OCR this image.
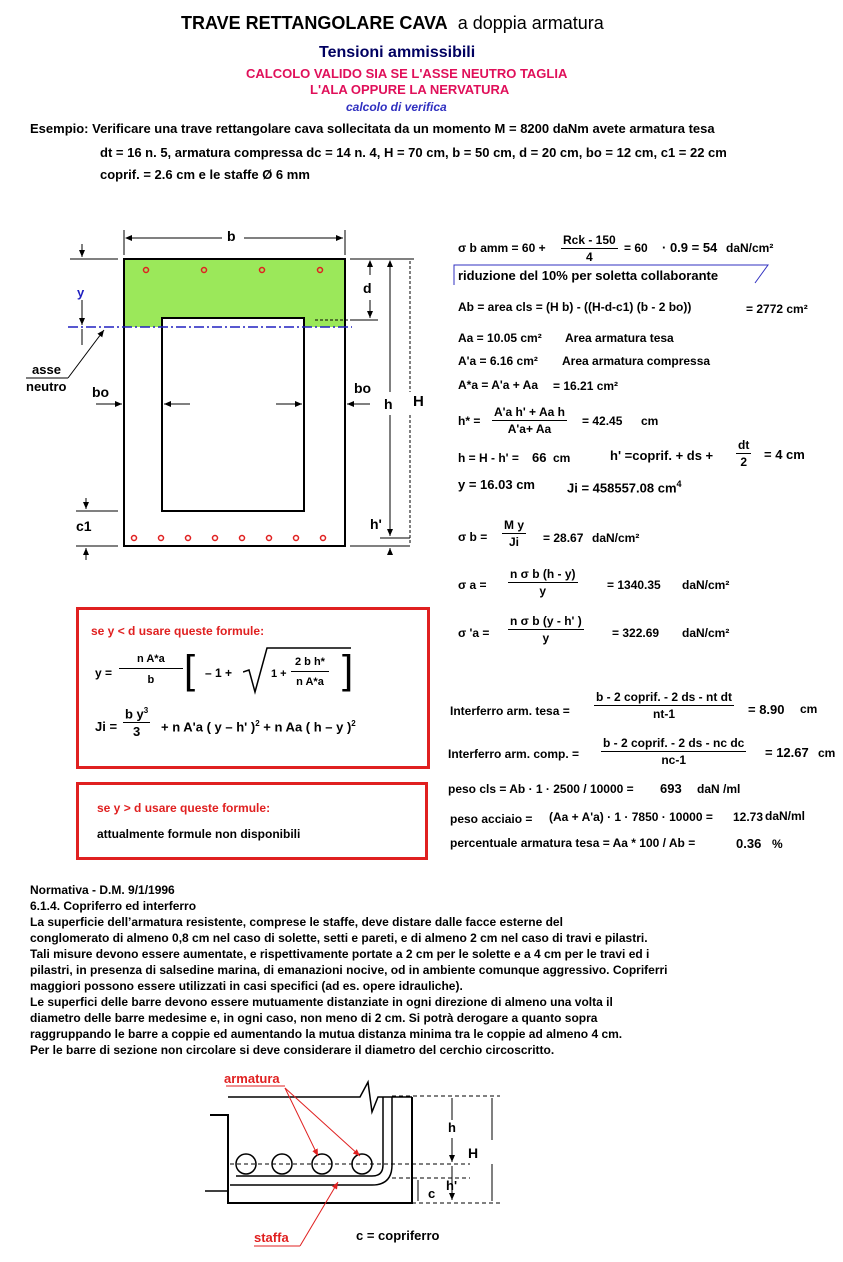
TRAVE RETTANGOLARE CAVA a doppia armatura
Tensioni ammissibili
CALCOLO VALIDO SIA SE L'ASSE NEUTRO TAGLIA
L'ALA OPPURE LA NERVATURA
calcolo di verifica
Esempio: Verificare una trave rettangolare cava sollecitata da un momento M = 8200 daNm avete armatura tesa
dt = 16 n. 5, armatura compressa dc = 14 n. 4, H = 70 cm, b = 50 cm, d = 20 cm, bo = 12 cm, c1 = 22 cm
coprif. = 2.6 cm e le staffe Ø 6 mm
b
y	d
bo	bo
h H
c1	h'
asse
neutro
σ b amm = 60 +
Rck - 150
4
= 60 · 0.9 = 54 daN/cm²
riduzione del 10% per soletta collaborante
Ab = area cls = (H b) - ((H-d-c1) (b - 2 bo))	= 2772 cm²
Aa = 10.05 cm² Area armatura tesa
A'a = 6.16 cm² Area armatura compressa
A*a = A'a + Aa = 16.21 cm²
$h* = \frac{\text{A'a h' + Aa h}}{A'a+ Aa} = 42.45$ cm
h = H - h' = 66 cm	h' =coprif. + ds + $\frac{dt}{2} = 4$ cm
y = 16.03 cm Ji = 458557.08 $cm^4$
σ $b = \frac{\text{M y}}{Ji} = 28.67$ daN/cm²
σ $a = \frac{\text{n σ b (h - y)}}{y} = 1340.35$ daN/cm²
σ '$a = \frac{\text{n σ b (y - h' )}}{y} = 322.69$ daN/cm²
Interferro arm. tesa =
b - 2 coprif. - 2 ds - nt dt
nt-1	= 8.90 cm
Interferro arm. comp. =
b - 2 coprif. - 2 ds - nc dc
nc-1	= 12.67 cm
peso cls = Ab · 1 · 2500 / 10000 = 693 daN /ml
peso acciaio = (Aa + A'a) · 1 · 7850 · 10000 = 12.73 daN/ml
percentuale armatura tesa = Aa * 100 / Ab =	0.36 %
se y < d usare queste formule:
$y = \frac{\text{n A*a}}{b}$ [ – 1 +	$1 + \frac{\text{2 b h*}}{\text{n A*a}}$ ]
$Ji = \frac{b y^3}{3} + n$ A'a ( y – h' )$^2$ + n Aa ( h – y )$^2$
se y > d usare queste formule:
attualmente formule non disponibili
Normativa - D.M. 9/1/1996
6.1.4. Copriferro ed interferro
La superficie dell’armatura resistente, comprese le staffe, deve distare dalle facce esterne del
conglomerato di almeno 0,8 cm nel caso di solette, setti e pareti, e di almeno 2 cm nel caso di travi e pilastri.
Tali misure devono essere aumentate, e rispettivamente portate a 2 cm per le solette e a 4 cm per le travi ed i
pilastri, in presenza di salsedine marina, di emanazioni nocive, od in ambiente comunque aggressivo. Copriferri
maggiori possono essere utilizzati in casi specifici (ad es. opere idrauliche).
Le superfici delle barre devono essere mutuamente distanziate in ogni direzione di almeno una volta il
diametro delle barre medesime e, in ogni caso, non meno di 2 cm. Si potrà derogare a quanto sopra
raggruppando le barre a coppie ed aumentando la mutua distanza minima tra le coppie ad almeno 4 cm.
Per le barre di sezione non circolare si deve considerare il diametro del cerchio circoscritto.
armatura
staffa
h
H
h'
c
c = copriferro
